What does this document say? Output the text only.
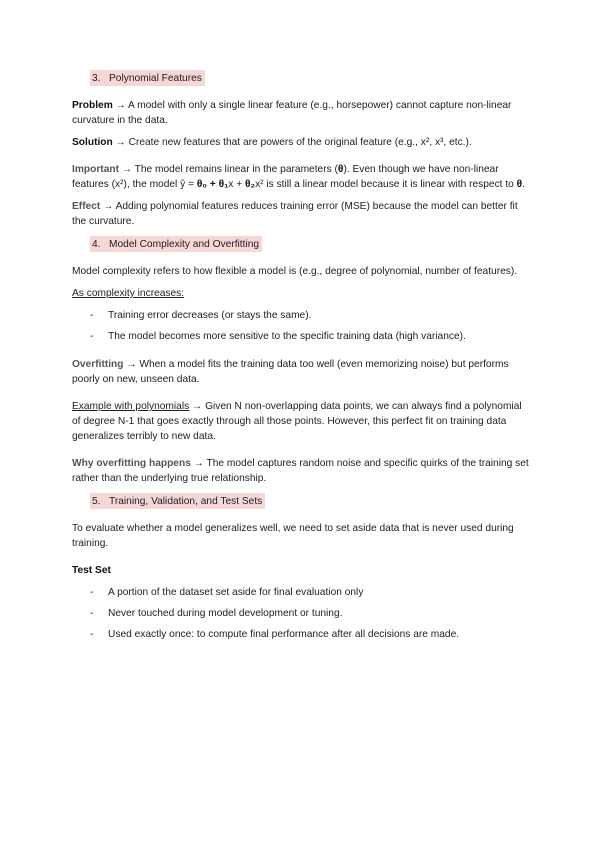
3. Polynomial Features

Problem → A model with only a single linear feature (e.g., horsepower) cannot capture non-linear curvature in the data.

Solution → Create new features that are powers of the original feature (e.g., x², x³, etc.).

Important → The model remains linear in the parameters (θ). Even though we have non-linear features (x²), the model ŷ = θ₀ + θ₁x + θ₂x² is still a linear model because it is linear with respect to θ.

Effect → Adding polynomial features reduces training error (MSE) because the model can better fit the curvature.

4. Model Complexity and Overfitting

Model complexity refers to how flexible a model is (e.g., degree of polynomial, number of features).

As complexity increases:

- Training error decreases (or stays the same).
- The model becomes more sensitive to the specific training data (high variance).

Overfitting → When a model fits the training data too well (even memorizing noise) but performs poorly on new, unseen data.

Example with polynomials → Given N non-overlapping data points, we can always find a polynomial of degree N-1 that goes exactly through all those points. However, this perfect fit on training data generalizes terribly to new data.

Why overfitting happens → The model captures random noise and specific quirks of the training set rather than the underlying true relationship.

5. Training, Validation, and Test Sets

To evaluate whether a model generalizes well, we need to set aside data that is never used during training.

Test Set

- A portion of the dataset set aside for final evaluation only
- Never touched during model development or tuning.
- Used exactly once: to compute final performance after all decisions are made.
